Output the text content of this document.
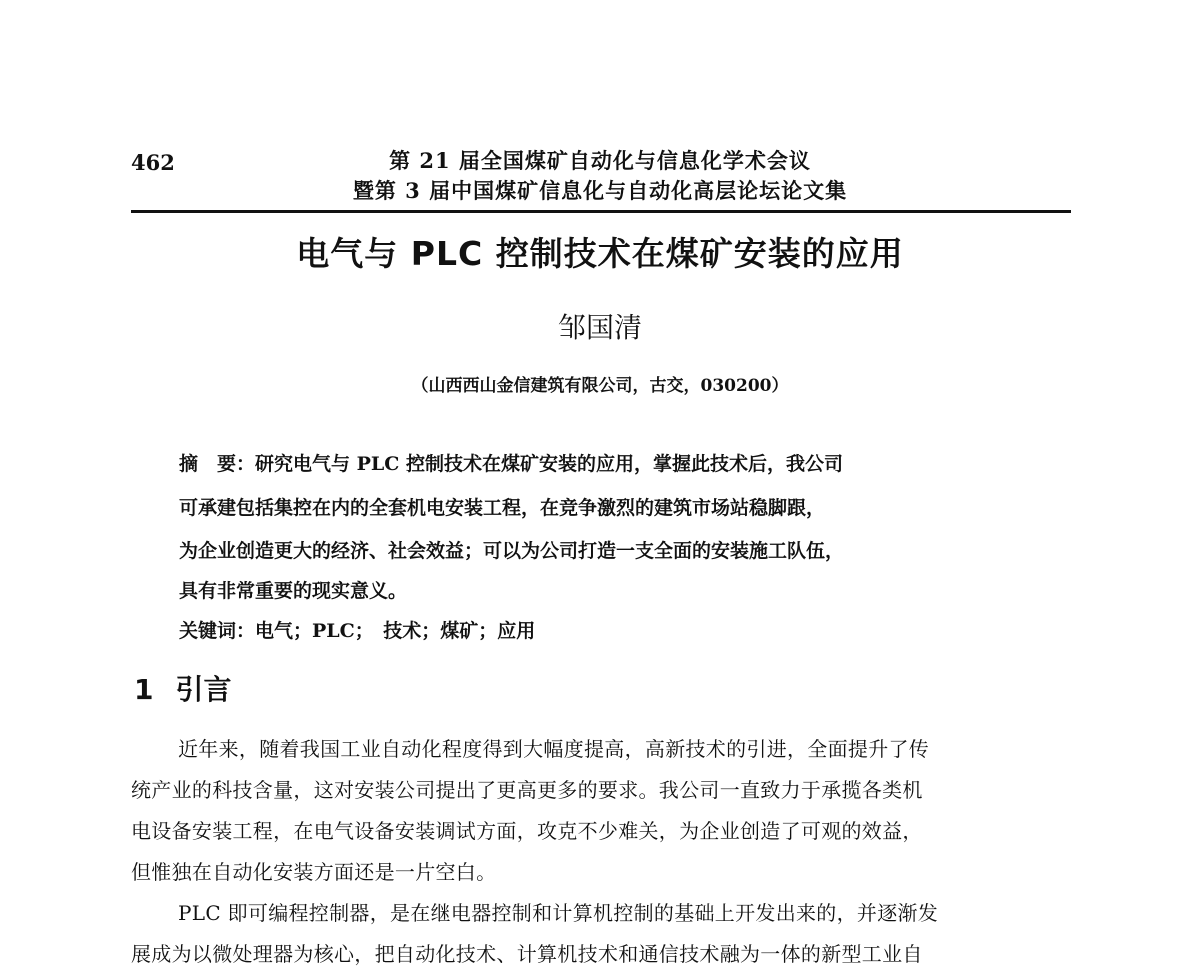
462	第 21 届全国煤矿自动化与信息化学术会议
暨第 3 届中国煤矿信息化与自动化高层论坛论文集
电气与 PLC 控制技术在煤矿安装的应用
邹国清
（山西西山金信建筑有限公司，古交，030200）
摘　要：研究电气与 PLC 控制技术在煤矿安装的应用，掌握此技术后，我公司
可承建包括集控在内的全套机电安装工程，在竞争激烈的建筑市场站稳脚跟，
为企业创造更大的经济、社会效益；可以为公司打造一支全面的安装施工队伍，
具有非常重要的现实意义。
关键词：电气；PLC；　技术；煤矿；应用
1 引言
近年来，随着我国工业自动化程度得到大幅度提高，高新技术的引进，全面提升了传
统产业的科技含量，这对安装公司提出了更高更多的要求。我公司一直致力于承揽各类机
电设备安装工程，在电气设备安装调试方面，攻克不少难关，为企业创造了可观的效益，
但惟独在自动化安装方面还是一片空白。
PLC 即可编程控制器，是在继电器控制和计算机控制的基础上开发出来的，并逐渐发
展成为以微处理器为核心，把自动化技术、计算机技术和通信技术融为一体的新型工业自
